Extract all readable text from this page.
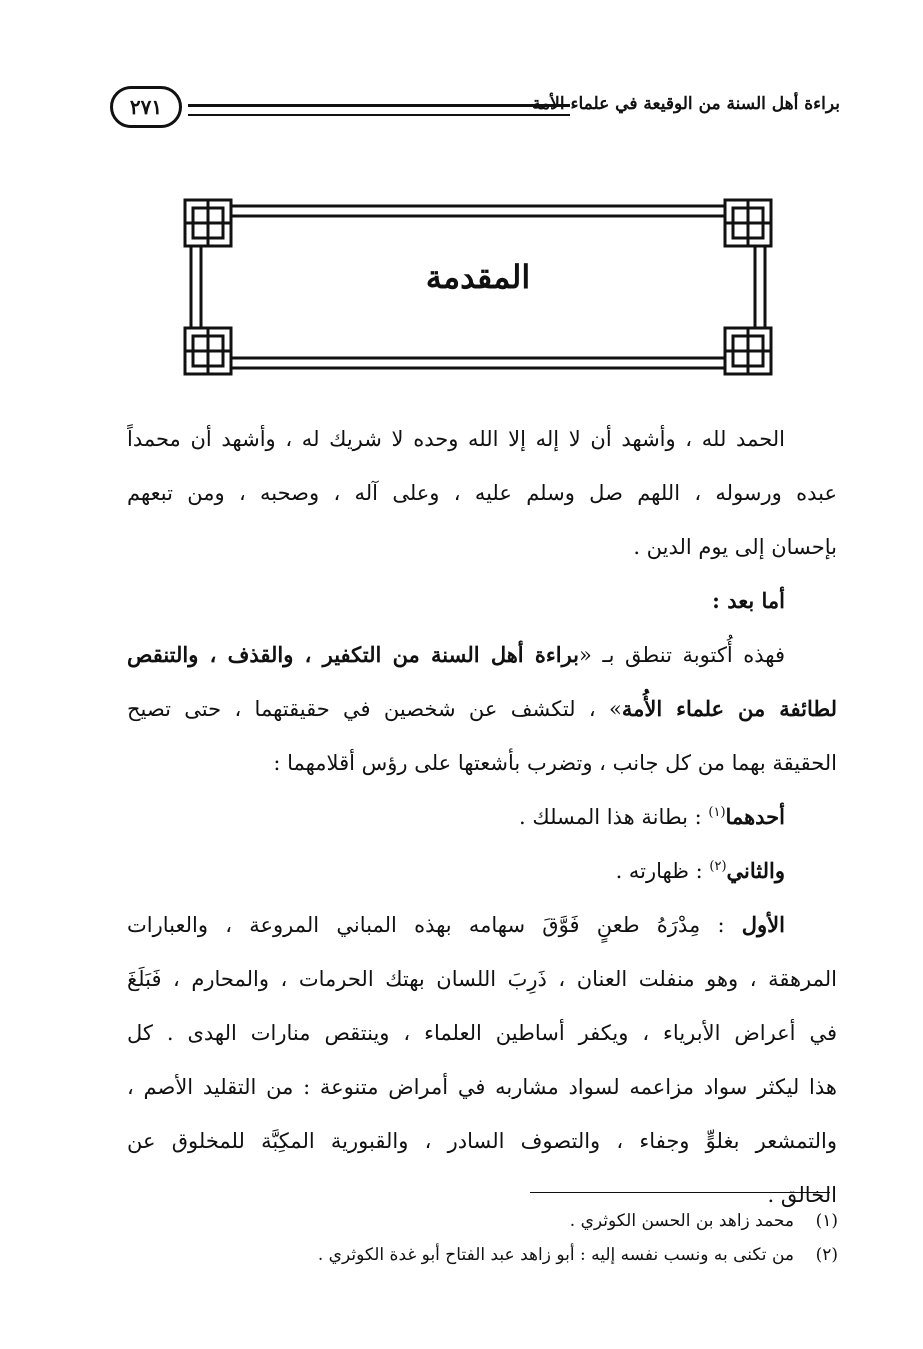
براءة أهل السنة من الوقيعة في علماء الأمة
٢٧١
المقدمة
الحمد لله ، وأشهد أن لا إله إلا الله وحده لا شريك له ، وأشهد أن محمداً
عبده ورسوله ، اللهم صل وسلم عليه ، وعلى آله ، وصحبه ، ومن تبعهم
بإحسان إلى يوم الدين .
أما بعد :
فهذه أُكتوبة تنطق بـ «براءة أهل السنة من التكفير ، والقذف ، والتنقص
لطائفة من علماء الأُمة» ، لتكشف عن شخصين في حقيقتهما ، حتى تصيح
الحقيقة بهما من كل جانب ، وتضرب بأشعتها على رؤس أقلامهما :
أحدهما$^{(١)}$ : بطانة هذا المسلك .
والثاني$^{(٢)}$ : ظهارته .
الأول : مِدْرَهُ طعنٍ فَوَّقَ سهامه بهذه المباني المروعة ، والعبارات
المرهقة ، وهو منفلت العنان ، ذَرِبَ اللسان بهتك الحرمات ، والمحارم ، فَبَلَغَ
في أعراض الأبرياء ، ويكفر أساطين العلماء ، وينتقص منارات الهدى . كل
هذا ليكثر سواد مزاعمه لسواد مشاربه في أمراض متنوعة : من التقليد الأصم ،
والتمشعر بغلوٍّ وجفاء ، والتصوف السادر ، والقبورية المكِبَّة للمخلوق عن
الخالق .
(١)محمد زاهد بن الحسن الكوثري .
(٢)من تكنى به ونسب نفسه إليه : أبو زاهد عبد الفتاح أبو غدة الكوثري .
